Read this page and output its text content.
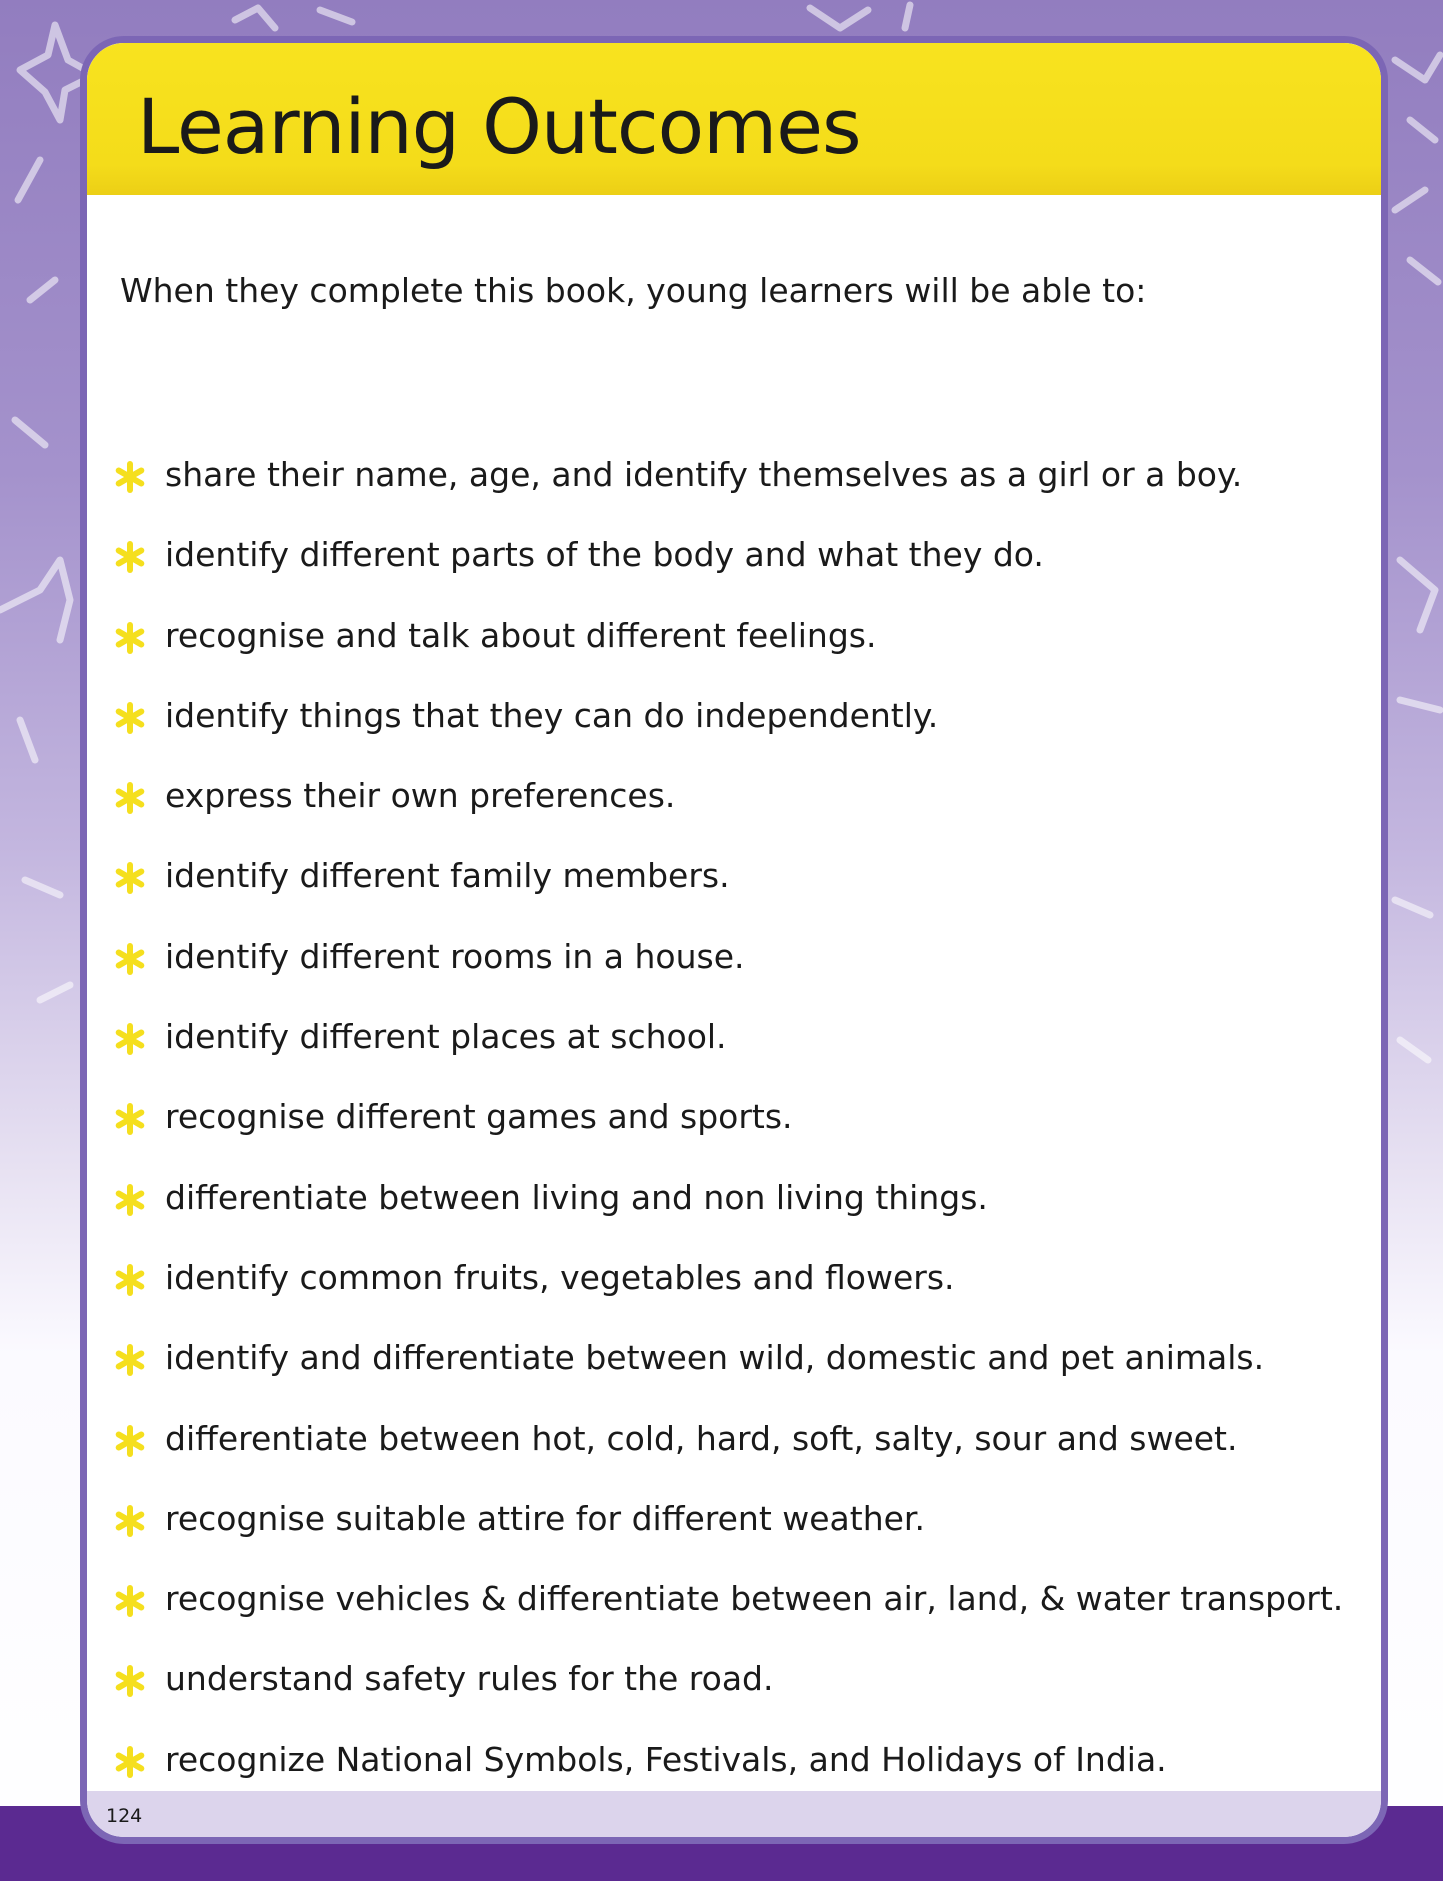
Learning Outcomes

When they complete this book, young learners will be able to:

share their name, age, and identify themselves as a girl or a boy.
identify different parts of the body and what they do.
recognise and talk about different feelings.
identify things that they can do independently.
express their own preferences.
identify different family members.
identify different rooms in a house.
identify different places at school.
recognise different games and sports.
differentiate between living and non living things.
identify common fruits, vegetables and flowers.
identify and differentiate between wild, domestic and pet animals.
differentiate between hot, cold, hard, soft, salty, sour and sweet.
recognise suitable attire for different weather.
recognise vehicles & differentiate between air, land, & water transport.
understand safety rules for the road.
recognize National Symbols, Festivals, and Holidays of India.
124
